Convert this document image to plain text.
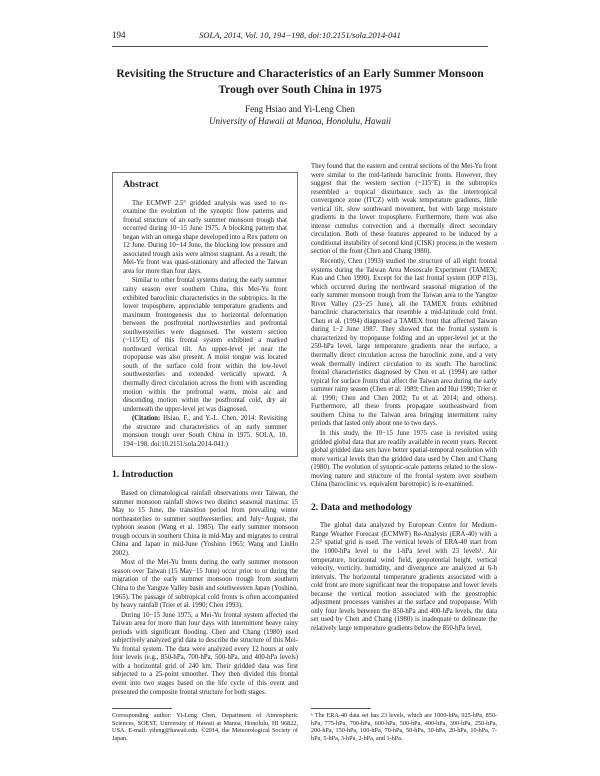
194	SOLA, 2014, Vol. 10, 194−198, doi:10.2151/sola.2014-041
Revisiting the Structure and Characteristics of an Early Summer Monsoon Trough over South China in 1975
Feng Hsiao and Yi-Leng Chen
University of Hawaii at Manoa, Honolulu, Hawaii
Abstract

The ECMWF 2.5° gridded analysis was used to re-examine the evolution of the synoptic flow patterns and frontal structure of an early summer monsoon trough that occurred during 10−15 June 1975. A blocking pattern that began with an omega shape developed into a Rex pattern on 12 June. During 10−14 June, the blocking low pressure and associated trough axis were almost stagnant. As a result, the Mei-Yu front was quasi-stationary and affected the Taiwan area for more than four days.

Similar to other frontal systems during the early summer rainy season over southern China, this Mei-Yu front exhibited baroclinic characteristics in the subtropics. In the lower troposphere, appreciable temperature gradients and maximum frontogenesis due to horizontal deformation between the postfrontal northwesterlies and prefrontal southwesterlies were diagnosed. The western section (~115°E) of this frontal system exhibited a marked northward vertical tilt. An upper-level jet near the tropopause was also present. A moist tongue was located south of the surface cold front within the low-level southwesterlies and extended vertically upward. A thermally direct circulation across the front with ascending motion within the prefrontal warm, moist air and descending motion within the postfrontal cold, dry air underneath the upper-level jet was diagnosed.

(Citation: Hsiao, F., and Y.-L. Chen, 2014: Revisiting the structure and characteristics of an early summer monsoon trough over South China in 1975. SOLA, 10, 194−198, doi:10.2151/sola.2014-041.)

1. Introduction

Based on climatological rainfall observations over Taiwan, the summer monsoon rainfall shows two distinct seasonal maxima: 15 May to 15 June, the transition period from prevailing winter northeasterlies to summer southwesterlies; and July−August, the typhoon season (Wang et al. 1985). The early summer monsoon trough occurs in southern China in mid-May and migrates to central China and Japan in mid-June (Yoshino 1965; Wang and LinHo 2002).

Most of the Mei-Yu fronts during the early summer monsoon season over Taiwan (15 May−15 June) occur prior to or during the migration of the early summer monsoon trough from southern China to the Yangtze Valley basin and southwestern Japan (Yoshino, 1965). The passage of subtropical cold fronts is often accompanied by heavy rainfall (Trier et al. 1990; Chen 1993).

During 10−15 June 1975, a Mei-Yu frontal system affected the Taiwan area for more than four days with intermittent heavy rainy periods with significant flooding. Chen and Chang (1980) used subjectively analyzed grid data to describe the structure of this Mei-Yu frontal system. The data were analyzed every 12 hours at only four levels (e.g., 850-hPa, 700-hPa, 500-hPa, and 400-hPa levels) with a horizontal grid of 240 km. Their gridded data was first subjected to a 25-point smoother. They then divided this frontal event into two stages based on the life cycle of this event and presented the composite frontal structure for both stages.

They found that the eastern and central sections of the Mei-Yu front were similar to the mid-latitude baroclinic fronts. However, they suggest that the western section (~115°E) in the subtropics resembled a tropical disturbance such as the intertropical convergence zone (ITCZ) with weak temperature gradients, little vertical tilt, slow southward movement, but with large moisture gradients in the lower troposphere. Furthermore, there was also intense cumulus convection and a thermally direct secondary circulation. Both of these features appeared to be induced by a conditional instability of second kind (CISK) process in the western section of the front (Chen and Chang 1980).

Recently, Chen (1993) studied the structure of all eight frontal systems during the Taiwan Area Mesoscale Experiment (TAMEX; Kuo and Chen 1990). Except for the last frontal system (IOP #13), which occurred during the northward seasonal migration of the early summer monsoon trough from the Taiwan area to the Yangtze River Valley (23−25 June), all the TAMEX fronts exhibited baroclinic characteristics that resemble a mid-latitude cold front. Chen et al. (1994) diagnosed a TAMEX front that affected Taiwan during 1−2 June 1987. They showed that the frontal system is characterized by tropopause folding and an upper-level jet at the 250-hPa level, large temperature gradients near the surface, a thermally direct circulation across the baroclinic zone, and a very weak thermally indirect circulation to its south. The baroclinic frontal characteristics diagnosed by Chen et al. (1994) are rather typical for surface fronts that affect the Taiwan area during the early summer rainy season (Chen et al. 1989; Chen and Hui 1990; Trier et al. 1990; Chen and Chen 2002; Tu et al. 2014; and others). Furthermore, all these fronts propagate southeastward from southern China to the Taiwan area bringing intermittent rainy periods that lasted only about one to two days.

In this study, the 10−15 June 1975 case is revisited using gridded global data that are readily available in recent years. Recent global gridded data sets have better spatial-temporal resolution with more vertical levels than the gridded data used by Chen and Chang (1980). The evolution of synoptic-scale patterns related to the slow-moving nature and structure of the frontal system over southern China (baroclinic vs. equivalent barotropic) is re-examined.

2. Data and methodology

The global data analyzed by European Centre for Medium-Range Weather Forecast (ECMWF) Re-Analysis (ERA-40) with a 2.5° spatial grid is used. The vertical levels of ERA-40 start from the 1000-hPa level to the 1-hPa level with 23 levels¹. Air temperature, horizontal wind field, geopotential height, vertical velocity, vorticity, humidity, and divergence are analyzed at 6-h intervals. The horizontal temperature gradients associated with a cold front are more significant near the tropopause and lower levels because the vertical motion associated with the geostrophic adjustment processes vanishes at the surface and tropopause. With only four levels between the 850-hPa and 400-hPa levels, the data set used by Chen and Chang (1980) is inadequate to delineate the relatively large temperature gradients below the 850-hPa level,

Corresponding author: Yi-Leng Chen, Department of Atmospheric Sciences, SOEST, University of Hawaii at Manoa, Honolulu, HI 96822, USA. E-mail: yileng@hawaii.edu. ©2014, the Meteorological Society of Japan.
¹ The ERA-40 data set has 23 levels, which are 1000-hPa, 925-hPa, 850-hPa, 775-hPa, 700-hPa, 600-hPa, 500-hPa, 400-hPa, 300-hPa, 250-hPa, 200-hPa, 150-hPa, 100-hPa, 70-hPa, 50-hPa, 30-hPa, 20-hPa, 10-hPa, 7-hPa, 5-hPa, 3-hPa, 2-hPa, and 1-hPa.
